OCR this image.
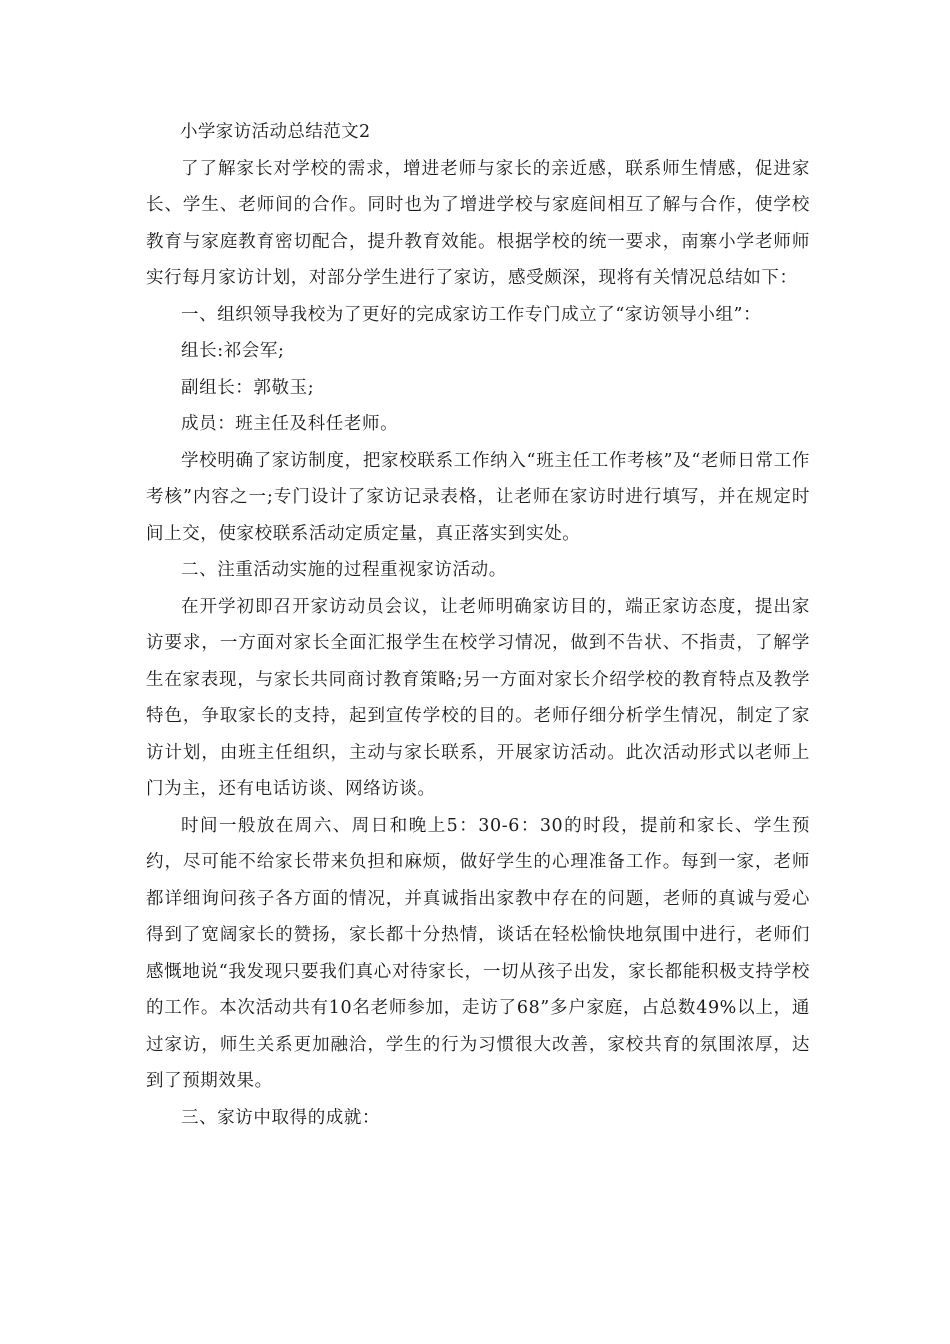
小学家访活动总结范文2

了了解家长对学校的需求，增进老师与家长的亲近感，联系师生情感，促进家长、学生、老师间的合作。同时也为了增进学校与家庭间相互了解与合作，使学校教育与家庭教育密切配合，提升教育效能。根据学校的统一要求，南寨小学老师师实行每月家访计划，对部分学生进行了家访，感受颇深，现将有关情况总结如下：

一、组织领导我校为了更好的完成家访工作专门成立了“家访领导小组”：

组长:祁会军;

副组长：郭敬玉;

成员：班主任及科任老师。

学校明确了家访制度，把家校联系工作纳入“班主任工作考核”及“老师日常工作考核”内容之一;专门设计了家访记录表格，让老师在家访时进行填写，并在规定时间上交，使家校联系活动定质定量，真正落实到实处。

二、注重活动实施的过程重视家访活动。

在开学初即召开家访动员会议，让老师明确家访目的，端正家访态度，提出家访要求，一方面对家长全面汇报学生在校学习情况，做到不告状、不指责，了解学生在家表现，与家长共同商讨教育策略;另一方面对家长介绍学校的教育特点及教学特色，争取家长的支持，起到宣传学校的目的。老师仔细分析学生情况，制定了家访计划，由班主任组织，主动与家长联系，开展家访活动。此次活动形式以老师上门为主，还有电话访谈、网络访谈。

时间一般放在周六、周日和晚上5：30-6：30的时段，提前和家长、学生预约，尽可能不给家长带来负担和麻烦，做好学生的心理准备工作。每到一家，老师都详细询问孩子各方面的情况，并真诚指出家教中存在的问题，老师的真诚与爱心得到了宽阔家长的赞扬，家长都十分热情，谈话在轻松愉快地氛围中进行，老师们感慨地说“我发现只要我们真心对待家长，一切从孩子出发，家长都能积极支持学校的工作。本次活动共有10名老师参加，走访了68”多户家庭，占总数49%以上，通过家访，师生关系更加融洽，学生的行为习惯很大改善，家校共育的氛围浓厚，达到了预期效果。

三、家访中取得的成就：
